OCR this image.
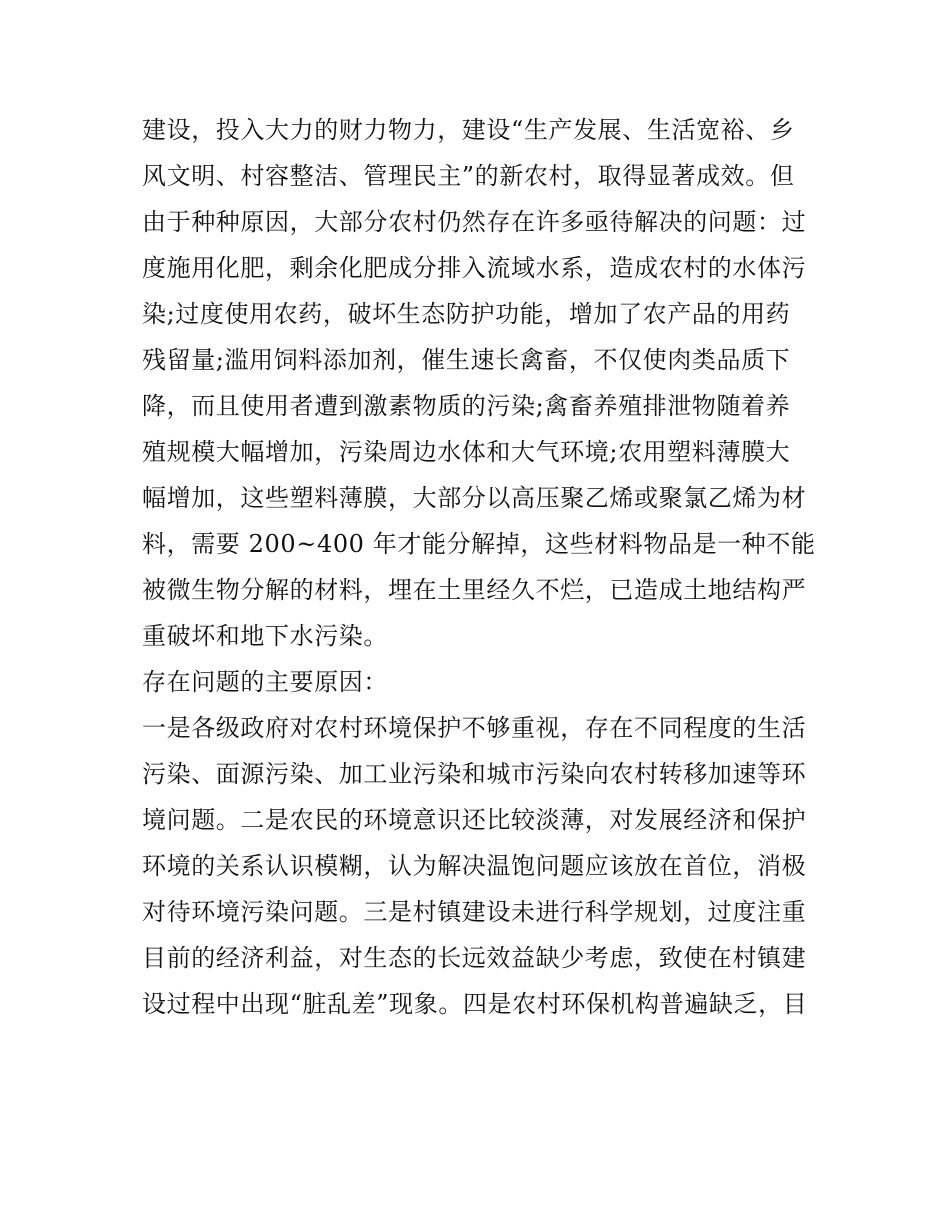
建设，投入大力的财力物力，建设“生产发展、生活宽裕、乡
风文明、村容整洁、管理民主”的新农村，取得显著成效。但
由于种种原因，大部分农村仍然存在许多亟待解决的问题：过
度施用化肥，剩余化肥成分排入流域水系，造成农村的水体污
染;过度使用农药，破坏生态防护功能，增加了农产品的用药
残留量;滥用饲料添加剂，催生速长禽畜，不仅使肉类品质下
降，而且使用者遭到激素物质的污染;禽畜养殖排泄物随着养
殖规模大幅增加，污染周边水体和大气环境;农用塑料薄膜大
幅增加，这些塑料薄膜，大部分以高压聚乙烯或聚氯乙烯为材
料，需要 200~400 年才能分解掉，这些材料物品是一种不能
被微生物分解的材料，埋在土里经久不烂，已造成土地结构严
重破坏和地下水污染。
存在问题的主要原因：
一是各级政府对农村环境保护不够重视，存在不同程度的生活
污染、面源污染、加工业污染和城市污染向农村转移加速等环
境问题。二是农民的环境意识还比较淡薄，对发展经济和保护
环境的关系认识模糊，认为解决温饱问题应该放在首位，消极
对待环境污染问题。三是村镇建设未进行科学规划，过度注重
目前的经济利益，对生态的长远效益缺少考虑，致使在村镇建
设过程中出现“脏乱差”现象。四是农村环保机构普遍缺乏，目
